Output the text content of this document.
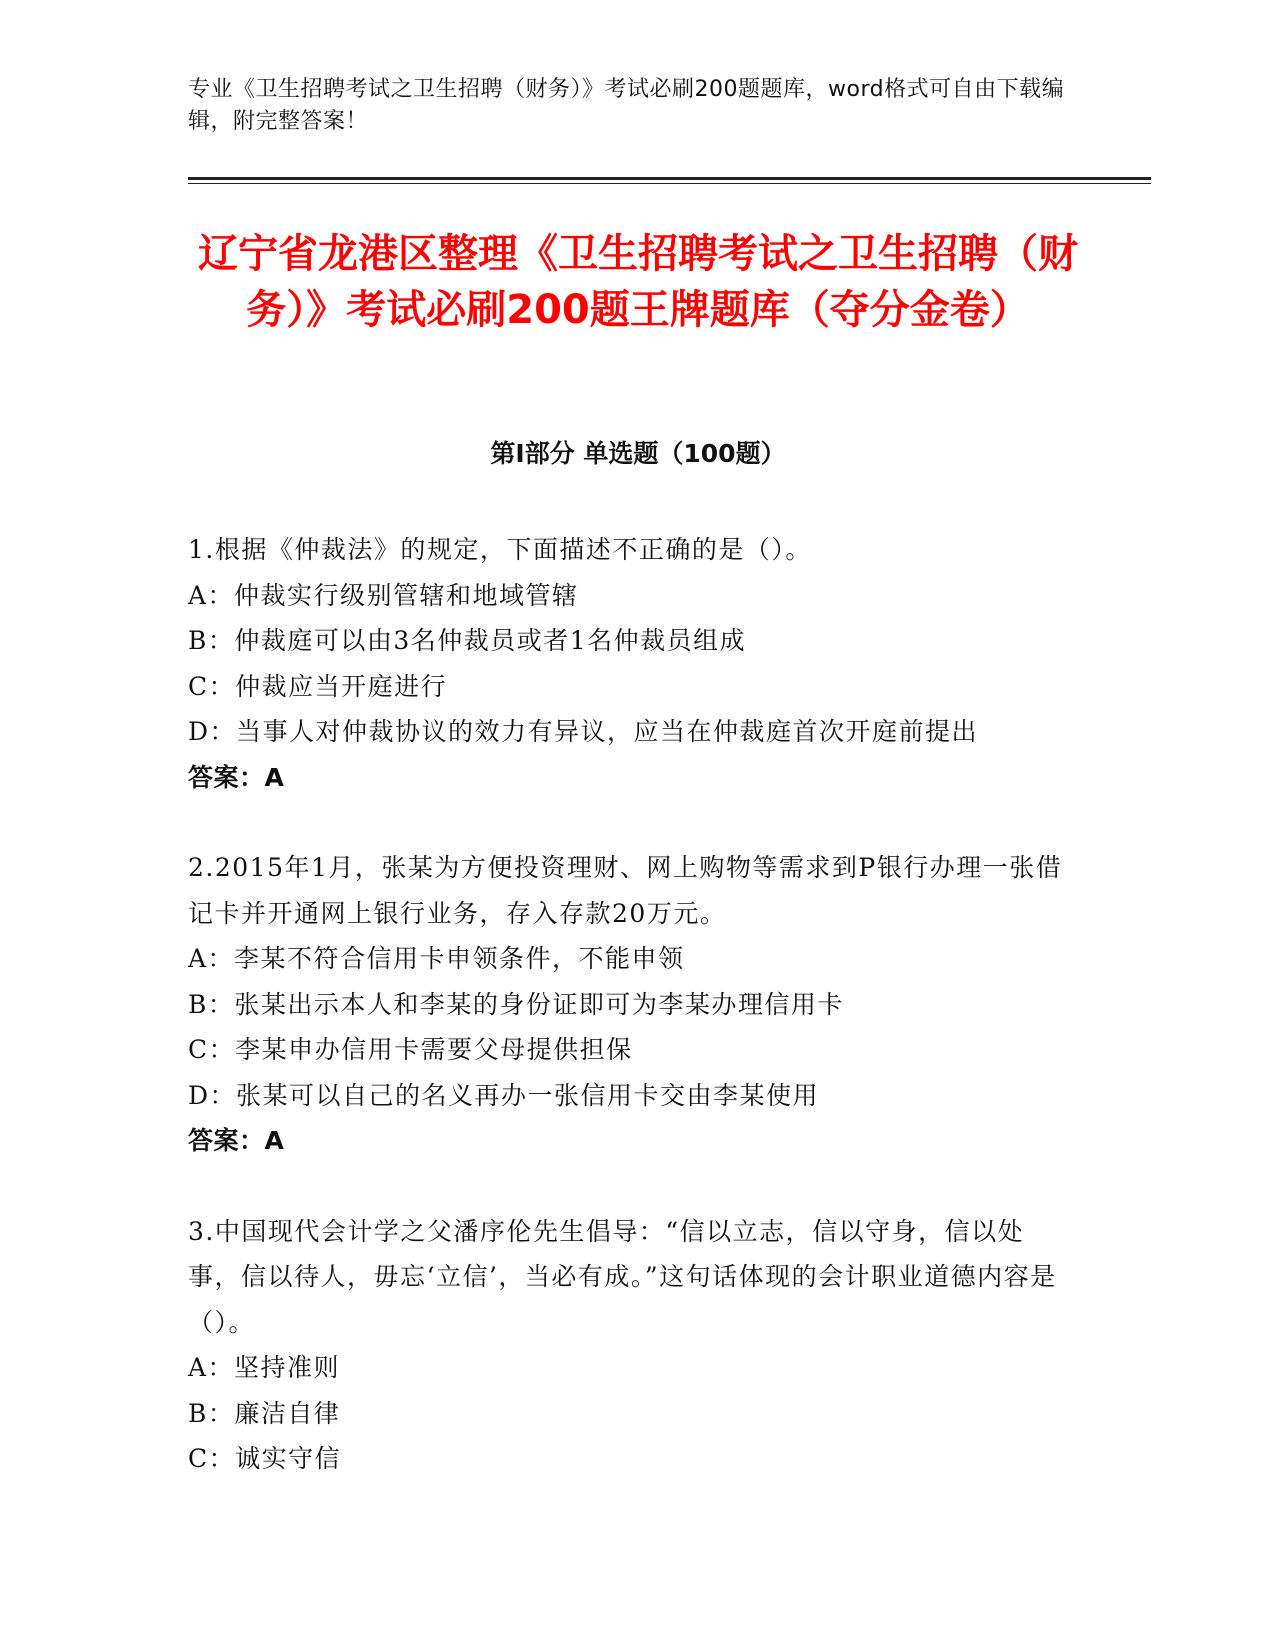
专业《卫生招聘考试之卫生招聘（财务）》考试必刷200题题库，word格式可自由下载编辑，附完整答案！
辽宁省龙港区整理《卫生招聘考试之卫生招聘（财务）》考试必刷200题王牌题库（夺分金卷）
第I部分 单选题（100题）

1.根据《仲裁法》的规定，下面描述不正确的是（）。

A：仲裁实行级别管辖和地域管辖

B：仲裁庭可以由3名仲裁员或者1名仲裁员组成

C：仲裁应当开庭进行

D：当事人对仲裁协议的效力有异议，应当在仲裁庭首次开庭前提出

答案：A

2.2015年1月，张某为方便投资理财、网上购物等需求到P银行办理一张借记卡并开通网上银行业务，存入存款20万元。

A：李某不符合信用卡申领条件，不能申领

B：张某出示本人和李某的身份证即可为李某办理信用卡

C：李某申办信用卡需要父母提供担保

D：张某可以自己的名义再办一张信用卡交由李某使用

答案：A

3.中国现代会计学之父潘序伦先生倡导：“信以立志，信以守身，信以处事，信以待人，毋忘‘立信’，当必有成。”这句话体现的会计职业道德内容是（）。

A：坚持准则

B：廉洁自律

C：诚实守信
